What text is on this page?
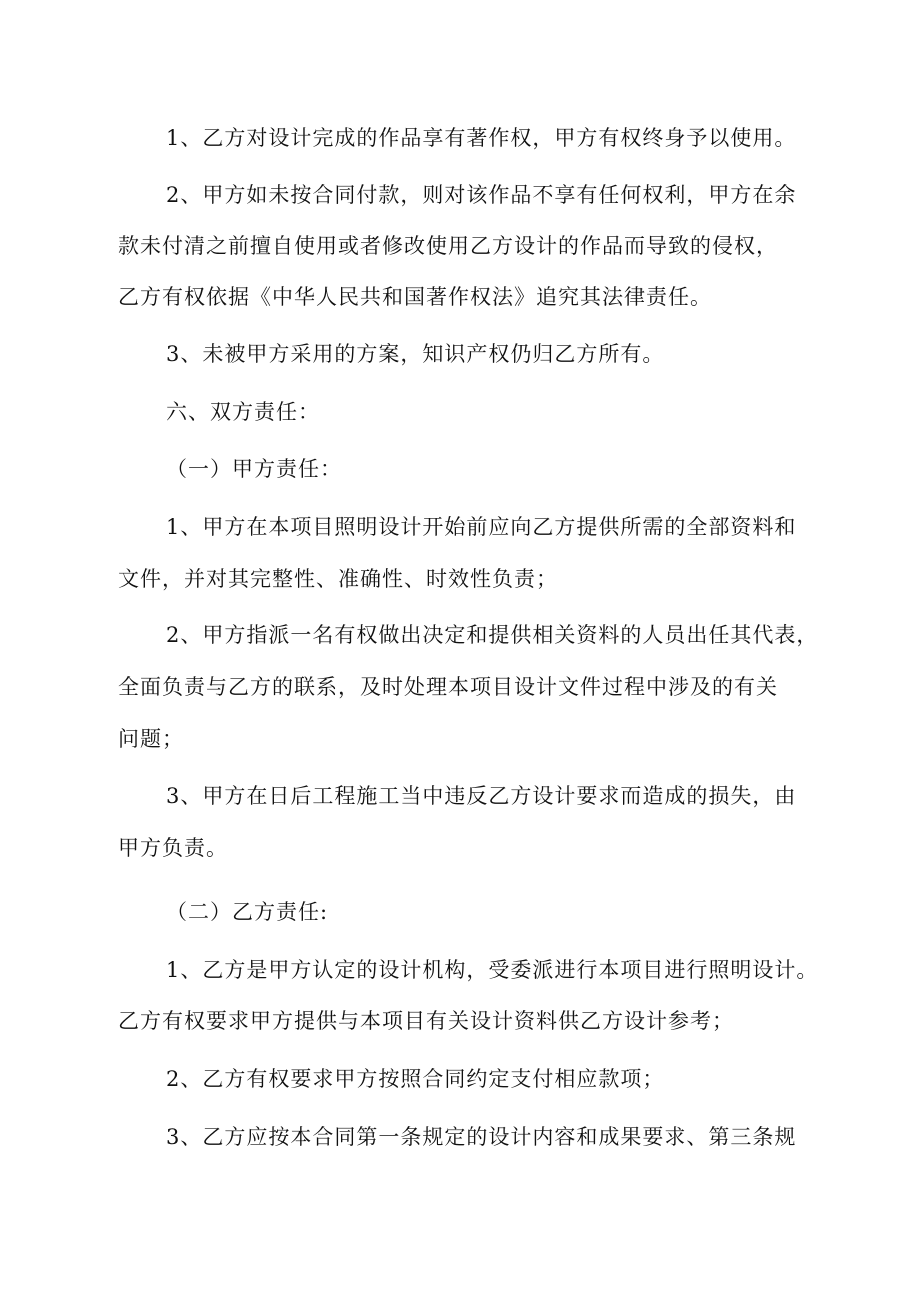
1、乙方对设计完成的作品享有著作权，甲方有权终身予以使用。
2、甲方如未按合同付款，则对该作品不享有任何权利，甲方在余
款未付清之前擅自使用或者修改使用乙方设计的作品而导致的侵权，
乙方有权依据《中华人民共和国著作权法》追究其法律责任。
3、未被甲方采用的方案，知识产权仍归乙方所有。
六、双方责任：
（一）甲方责任：
1、甲方在本项目照明设计开始前应向乙方提供所需的全部资料和
文件，并对其完整性、准确性、时效性负责；
2、甲方指派一名有权做出决定和提供相关资料的人员出任其代表，
全面负责与乙方的联系，及时处理本项目设计文件过程中涉及的有关
问题；
3、甲方在日后工程施工当中违反乙方设计要求而造成的损失，由
甲方负责。
（二）乙方责任:
1、乙方是甲方认定的设计机构，受委派进行本项目进行照明设计。
乙方有权要求甲方提供与本项目有关设计资料供乙方设计参考；
2、乙方有权要求甲方按照合同约定支付相应款项；
3、乙方应按本合同第一条规定的设计内容和成果要求、第三条规
